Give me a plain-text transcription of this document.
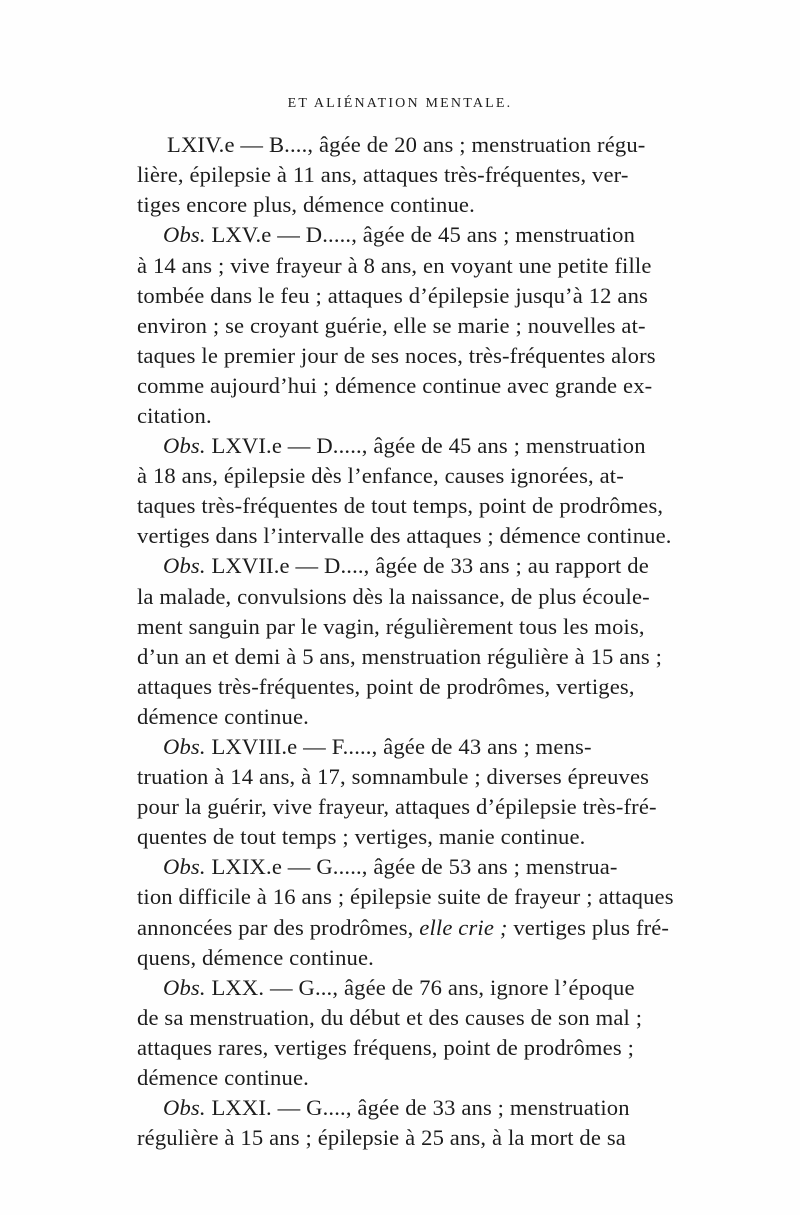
ET ALIÉNATION MENTALE.
LXIV.e — B...., âgée de 20 ans ; menstruation régu-
lière, épilepsie à 11 ans, attaques très-fréquentes, ver-
tiges encore plus, démence continue.
Obs. LXV.e — D....., âgée de 45 ans ; menstruation
à 14 ans ; vive frayeur à 8 ans, en voyant une petite fille
tombée dans le feu ; attaques d’épilepsie jusqu’à 12 ans
environ ; se croyant guérie, elle se marie ; nouvelles at-
taques le premier jour de ses noces, très-fréquentes alors
comme aujourd’hui ; démence continue avec grande ex-
citation.
Obs. LXVI.e — D....., âgée de 45 ans ; menstruation
à 18 ans, épilepsie dès l’enfance, causes ignorées, at-
taques très-fréquentes de tout temps, point de prodrômes,
vertiges dans l’intervalle des attaques ; démence continue.
Obs. LXVII.e — D...., âgée de 33 ans ; au rapport de
la malade, convulsions dès la naissance, de plus écoule-
ment sanguin par le vagin, régulièrement tous les mois,
d’un an et demi à 5 ans, menstruation régulière à 15 ans ;
attaques très-fréquentes, point de prodrômes, vertiges,
démence continue.
Obs. LXVIII.e — F....., âgée de 43 ans ; mens-
truation à 14 ans, à 17, somnambule ; diverses épreuves
pour la guérir, vive frayeur, attaques d’épilepsie très-fré-
quentes de tout temps ; vertiges, manie continue.
Obs. LXIX.e — G....., âgée de 53 ans ; menstrua-
tion difficile à 16 ans ; épilepsie suite de frayeur ; attaques
annoncées par des prodrômes, elle crie ; vertiges plus fré-
quens, démence continue.
Obs. LXX. — G..., âgée de 76 ans, ignore l’époque
de sa menstruation, du début et des causes de son mal ;
attaques rares, vertiges fréquens, point de prodrômes ;
démence continue.
Obs. LXXI. — G...., âgée de 33 ans ; menstruation
régulière à 15 ans ; épilepsie à 25 ans, à la mort de sa
